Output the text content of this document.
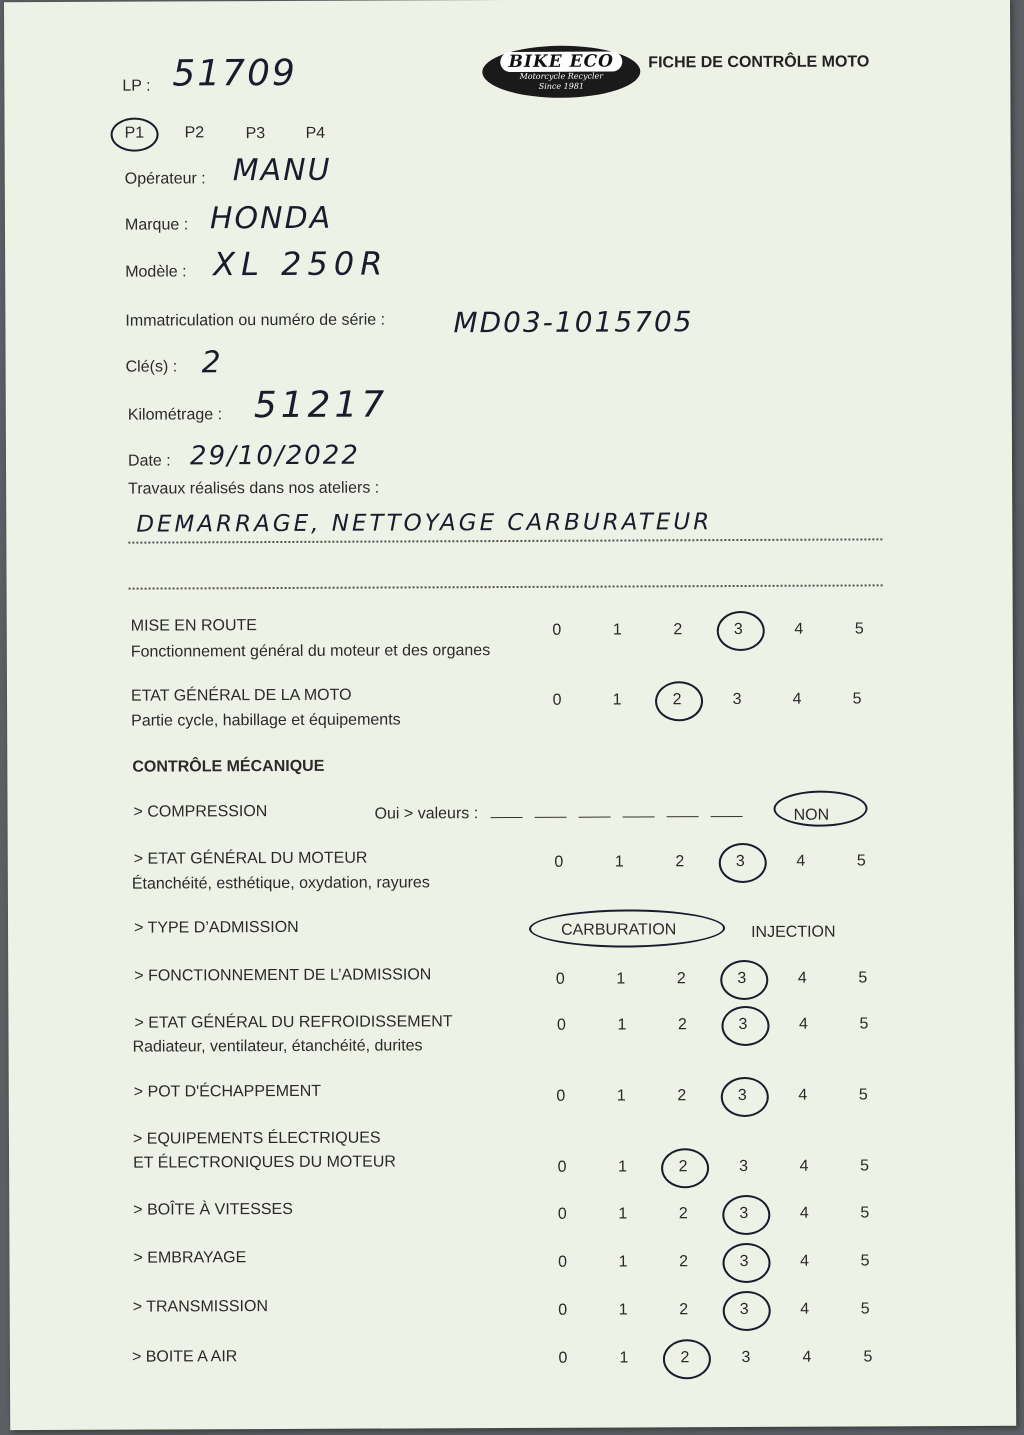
LP : 51709	BIKE ECO
Motorcycle Recycler
Since 1981
FICHE DE CONTRÔLE MOTO
P1	P2	P3	P4
Opérateur : MANU
Marque : HONDA
Modèle : XL 250R
Immatriculation ou numéro de série : MD03-1015705
Clé(s) : 2
Kilométrage : 51217
Date : 29/10/2022
Travaux réalisés dans nos ateliers :
DEMARRAGE, NETTOYAGE CARBURATEUR
MISE EN ROUTE
Fonctionnement général du moteur et des organes
0	1	2	3	4	5
ETAT GÉNÉRAL DE LA MOTO
Partie cycle, habillage et équipements
0	1	2	3	4	5
CONTRÔLE MÉCANIQUE
> COMPRESSION	Oui > valeurs :	NON
> ETAT GÉNÉRAL DU MOTEUR
Étanchéité, esthétique, oxydation, rayures
0	1	2	3	4	5
> TYPE D’ADMISSION	CARBURATION	INJECTION
> FONCTIONNEMENT DE L’ADMISSION	0	1	2	3	4	5
> ETAT GÉNÉRAL DU REFROIDISSEMENT
Radiateur, ventilateur, étanchéité, durites
0	1	2	3	4	5
> POT D'ÉCHAPPEMENT	0	1	2	3	4	5
> EQUIPEMENTS ÉLECTRIQUES
ET ÉLECTRONIQUES DU MOTEUR	0	1	2	3	4	5
> BOÎTE À VITESSES	0	1	2	3	4	5
> EMBRAYAGE	0	1	2	3	4	5
> TRANSMISSION	0	1	2	3	4	5
> BOITE A AIR	0	1	2	3	4	5
